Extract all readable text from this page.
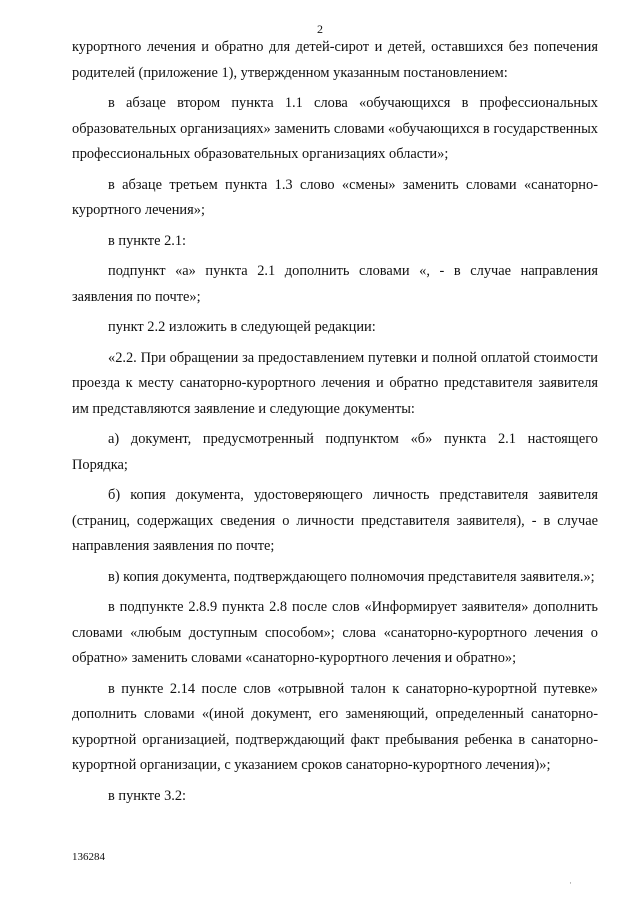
2

курортного лечения и обратно для детей-сирот и детей, оставшихся без попечения родителей (приложение 1), утвержденном указанным постановлением:

в абзаце втором пункта 1.1 слова «обучающихся в профессиональных образовательных организациях» заменить словами «обучающихся в государственных профессиональных образовательных организациях области»;

в абзаце третьем пункта 1.3 слово «смены» заменить словами «санаторно-курортного лечения»;

в пункте 2.1:

подпункт «а» пункта 2.1 дополнить словами «, - в случае направления заявления по почте»;

пункт 2.2 изложить в следующей редакции:

«2.2. При обращении за предоставлением путевки и полной оплатой стоимости проезда к месту санаторно-курортного лечения и обратно представителя заявителя им представляются заявление и следующие документы:

а) документ, предусмотренный подпунктом «б» пункта 2.1 настоящего Порядка;

б) копия документа, удостоверяющего личность представителя заявителя (страниц, содержащих сведения о личности представителя заявителя), - в случае направления заявления по почте;

в) копия документа, подтверждающего полномочия представителя заявителя.»;

в подпункте 2.8.9 пункта 2.8 после слов «Информирует заявителя» дополнить словами «любым доступным способом»; слова «санаторно-курортного лечения о обратно» заменить словами «санаторно-курортного лечения и обратно»;

в пункте 2.14 после слов «отрывной талон к санаторно-курортной путевке» дополнить словами «(иной документ, его заменяющий, определенный санаторно-курортной организацией, подтверждающий факт пребывания ребенка в санаторно-курортной организации, с указанием сроков санаторно-курортного лечения)»;

в пункте 3.2:

136284
·
